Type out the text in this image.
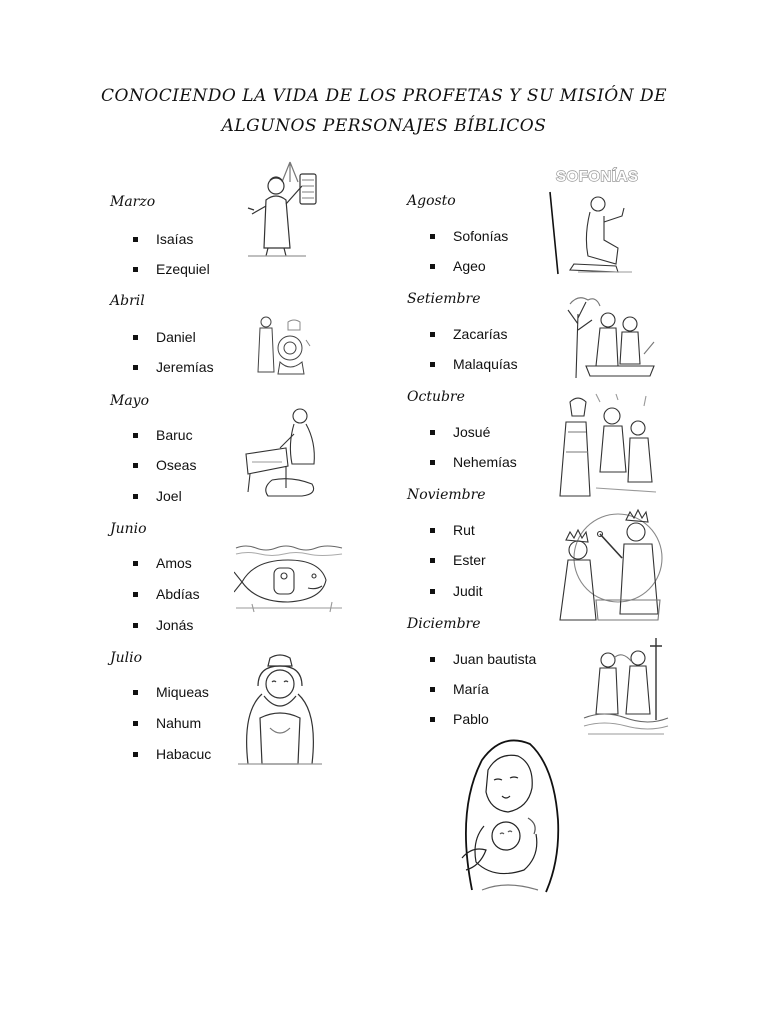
CONOCIENDO LA VIDA DE LOS PROFETAS Y SU MISIÓN DE
ALGUNOS PERSONAJES BÍBLICOS
Marzo
Isaías
Ezequiel
Abril
Daniel
Jeremías
Mayo
Baruc
Oseas
Joel
Junio
Amos
Abdías
Jonás
Julio
Miqueas
Nahum
Habacuc
Agosto
Sofonías
Ageo
Setiembre
Zacarías
Malaquías
Octubre
Josué
Nehemías
Noviembre
Rut
Ester
Judit
Diciembre
Juan bautista
María
Pablo
SOFONÍAS
